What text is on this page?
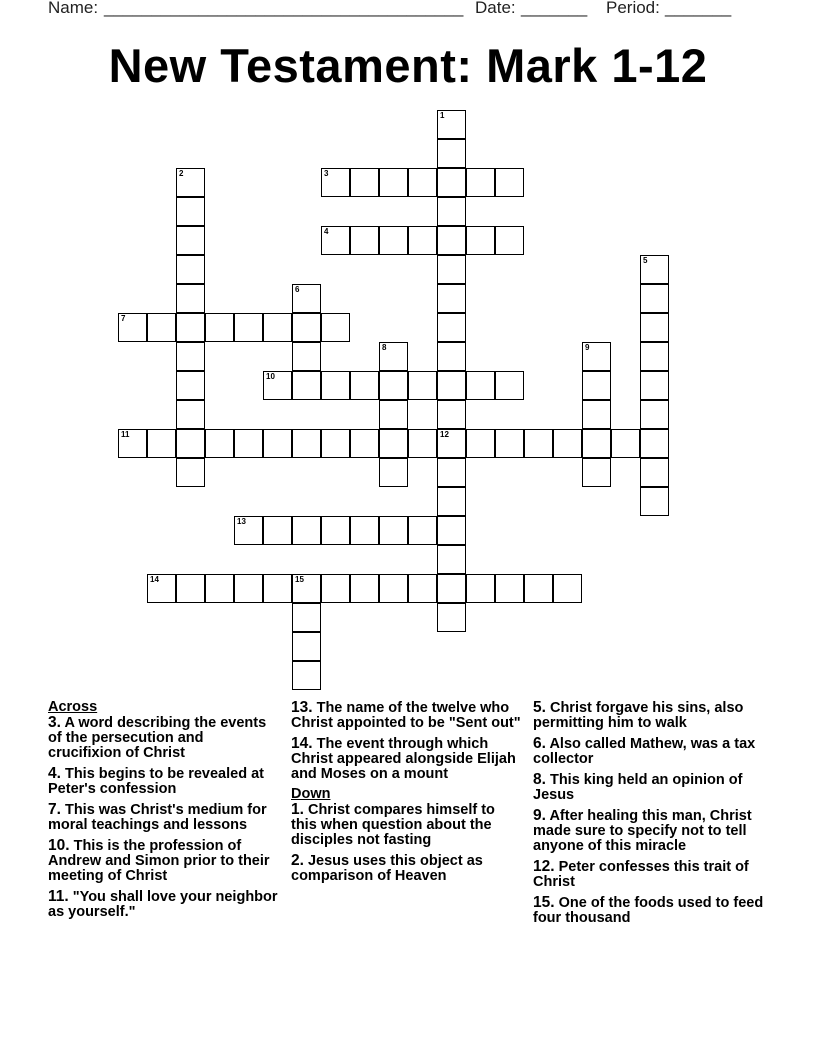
Name: ______________________________________ Date: _______ Period: _______
New Testament: Mark 1-12
1
12
2	3
4
5
6
7
8	9
10
11
13
14	15
Across
3. A word describing the events of the persecution and crucifixion of Christ
4. This begins to be revealed at Peter's confession
7. This was Christ's medium for moral teachings and lessons
10. This is the profession of Andrew and Simon prior to their meeting of Christ
11. "You shall love your neighbor as yourself."
13. The name of the twelve who Christ appointed to be "Sent out"
14. The event through which Christ appeared alongside Elijah and Moses on a mount
Down
1. Christ compares himself to this when question about the disciples not fasting
2. Jesus uses this object as comparison of Heaven
5. Christ forgave his sins, also permitting him to walk
6. Also called Mathew, was a tax collector
8. This king held an opinion of Jesus
9. After healing this man, Christ made sure to specify not to tell anyone of this miracle
12. Peter confesses this trait of Christ
15. One of the foods used to feed four thousand
